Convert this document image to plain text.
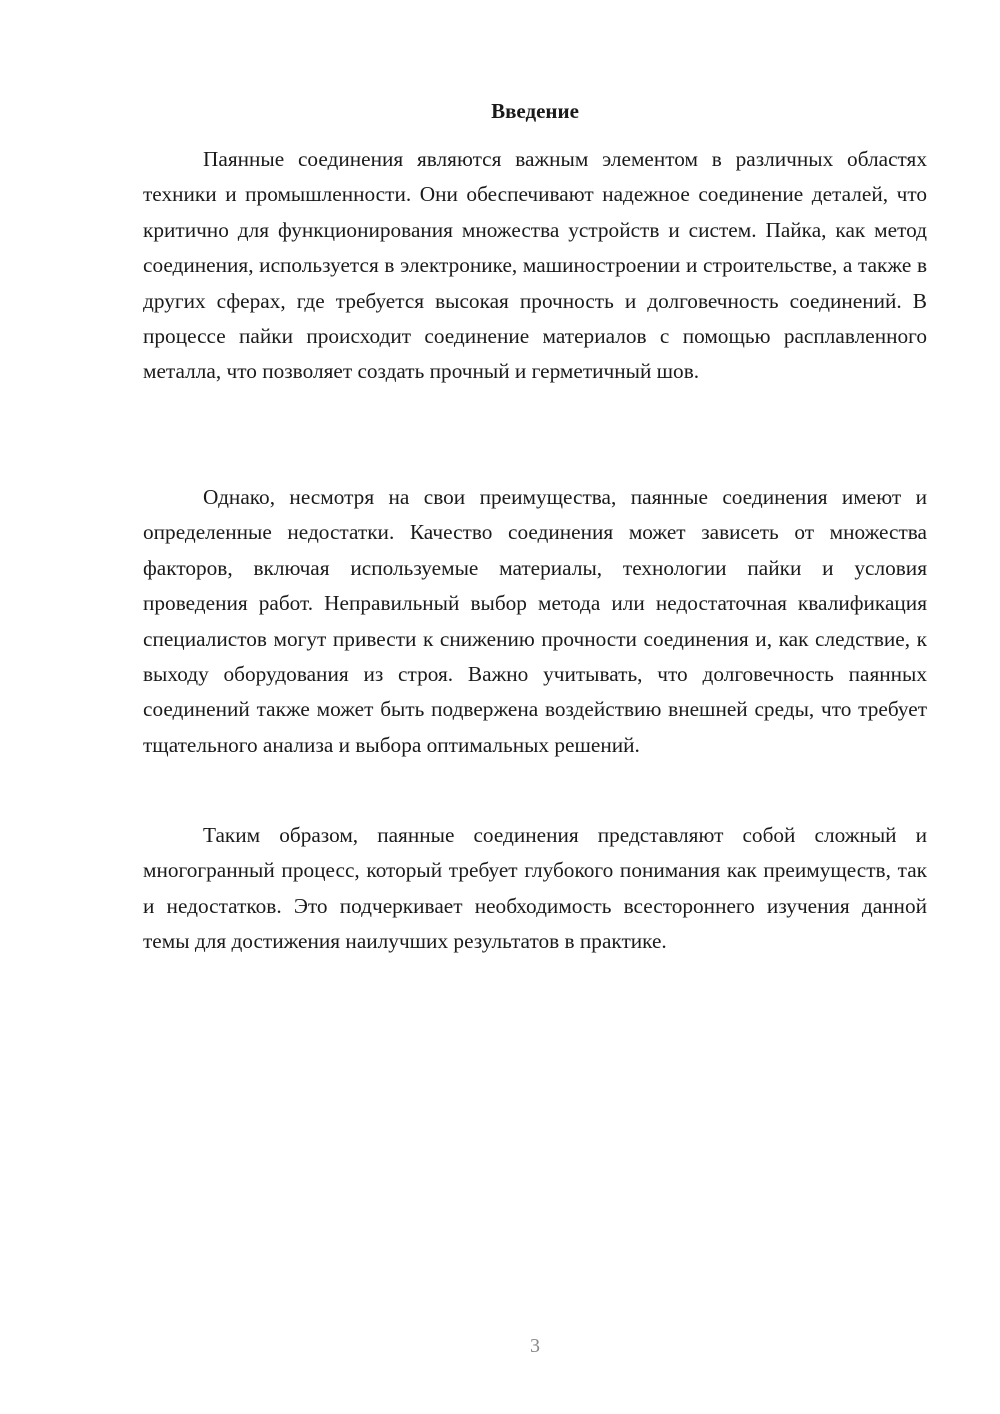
Введение

Паянные соединения являются важным элементом в различных областях техники и промышленности. Они обеспечивают надежное соединение деталей, что критично для функционирования множества устройств и систем. Пайка, как метод соединения, используется в электронике, машиностроении и строительстве, а также в других сферах, где требуется высокая прочность и долговечность соединений. В процессе пайки происходит соединение материалов с помощью расплавленного металла, что позволяет создать прочный и герметичный шов.

Однако, несмотря на свои преимущества, паянные соединения имеют и определенные недостатки. Качество соединения может зависеть от множества факторов, включая используемые материалы, технологии пайки и условия проведения работ. Неправильный выбор метода или недостаточная квалификация специалистов могут привести к снижению прочности соединения и, как следствие, к выходу оборудования из строя. Важно учитывать, что долговечность паянных соединений также может быть подвержена воздействию внешней среды, что требует тщательного анализа и выбора оптимальных решений.

Таким образом, паянные соединения представляют собой сложный и многогранный процесс, который требует глубокого понимания как преимуществ, так и недостатков. Это подчеркивает необходимость всестороннего изучения данной темы для достижения наилучших результатов в практике.

3
